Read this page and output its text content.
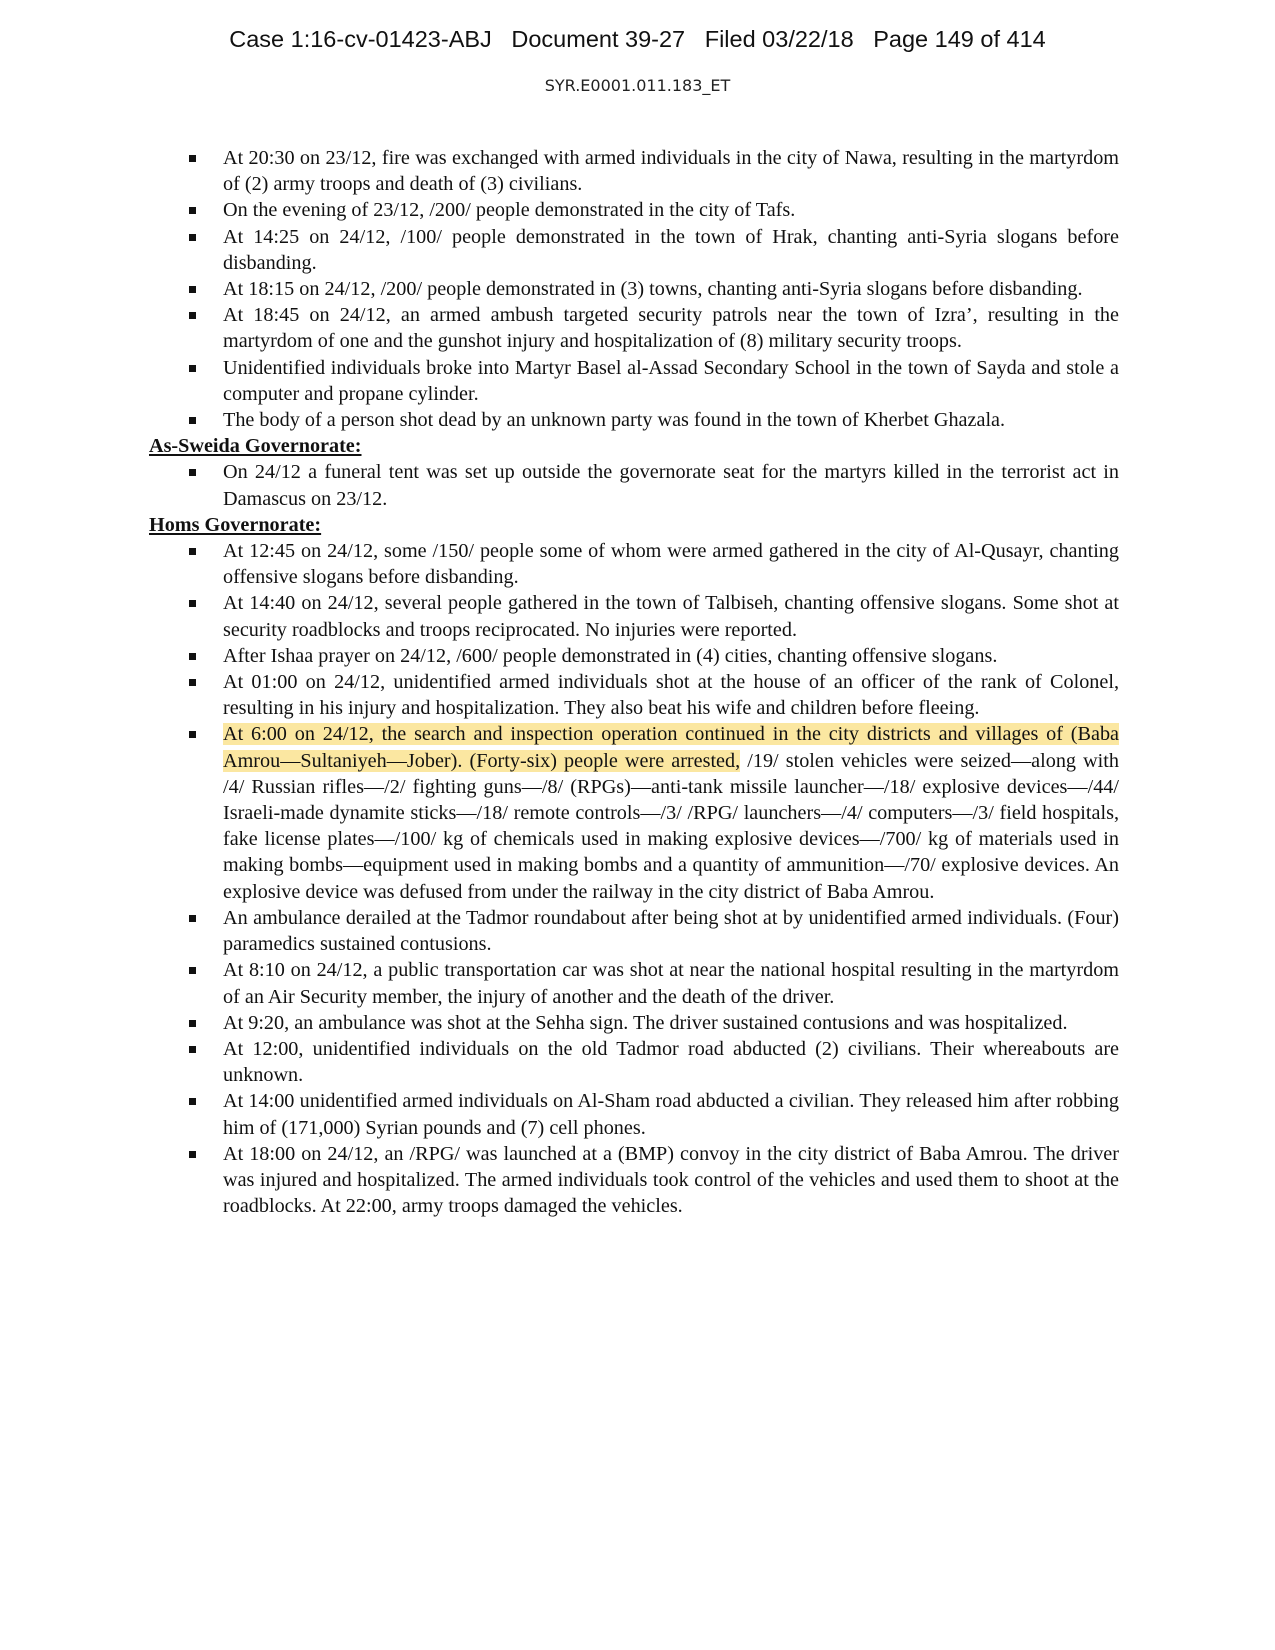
Case 1:16-cv-01423-ABJ   Document 39-27   Filed 03/22/18   Page 149 of 414
SYR.E0001.011.183_ET
At 20:30 on 23/12, fire was exchanged with armed individuals in the city of Nawa, resulting in the martyrdom of (2) army troops and death of (3) civilians.
On the evening of 23/12, /200/ people demonstrated in the city of Tafs.
At 14:25 on 24/12, /100/ people demonstrated in the town of Hrak, chanting anti-Syria slogans before disbanding.
At 18:15 on 24/12, /200/ people demonstrated in (3) towns, chanting anti-Syria slogans before disbanding.
At 18:45 on 24/12, an armed ambush targeted security patrols near the town of Izra’, resulting in the martyrdom of one and the gunshot injury and hospitalization of (8) military security troops.
Unidentified individuals broke into Martyr Basel al-Assad Secondary School in the town of Sayda and stole a computer and propane cylinder.
The body of a person shot dead by an unknown party was found in the town of Kherbet Ghazala.

As-Sweida Governorate:

On 24/12 a funeral tent was set up outside the governorate seat for the martyrs killed in the terrorist act in Damascus on 23/12.

Homs Governorate:

At 12:45 on 24/12, some /150/ people some of whom were armed gathered in the city of Al-Qusayr, chanting offensive slogans before disbanding.
At 14:40 on 24/12, several people gathered in the town of Talbiseh, chanting offensive slogans. Some shot at security roadblocks and troops reciprocated. No injuries were reported.
After Ishaa prayer on 24/12, /600/ people demonstrated in (4) cities, chanting offensive slogans.
At 01:00 on 24/12, unidentified armed individuals shot at the house of an officer of the rank of Colonel, resulting in his injury and hospitalization. They also beat his wife and children before fleeing.
At 6:00 on 24/12, the search and inspection operation continued in the city districts and villages of (Baba Amrou—Sultaniyeh—Jober). (Forty-six) people were arrested, /19/ stolen vehicles were seized—along with /4/ Russian rifles—/2/ fighting guns—/8/ (RPGs)—anti-tank missile launcher—/18/ explosive devices—/44/ Israeli-made dynamite sticks—/18/ remote controls—/3/ /RPG/ launchers—/4/ computers—/3/ field hospitals, fake license plates—/100/ kg of chemicals used in making explosive devices—/700/ kg of materials used in making bombs—equipment used in making bombs and a quantity of ammunition—/70/ explosive devices. An explosive device was defused from under the railway in the city district of Baba Amrou.
An ambulance derailed at the Tadmor roundabout after being shot at by unidentified armed individuals. (Four) paramedics sustained contusions.
At 8:10 on 24/12, a public transportation car was shot at near the national hospital resulting in the martyrdom of an Air Security member, the injury of another and the death of the driver.
At 9:20, an ambulance was shot at the Sehha sign. The driver sustained contusions and was hospitalized.
At 12:00, unidentified individuals on the old Tadmor road abducted (2) civilians. Their whereabouts are unknown.
At 14:00 unidentified armed individuals on Al-Sham road abducted a civilian. They released him after robbing him of (171,000) Syrian pounds and (7) cell phones.
At 18:00 on 24/12, an /RPG/ was launched at a (BMP) convoy in the city district of Baba Amrou. The driver was injured and hospitalized. The armed individuals took control of the vehicles and used them to shoot at the roadblocks. At 22:00, army troops damaged the vehicles.
